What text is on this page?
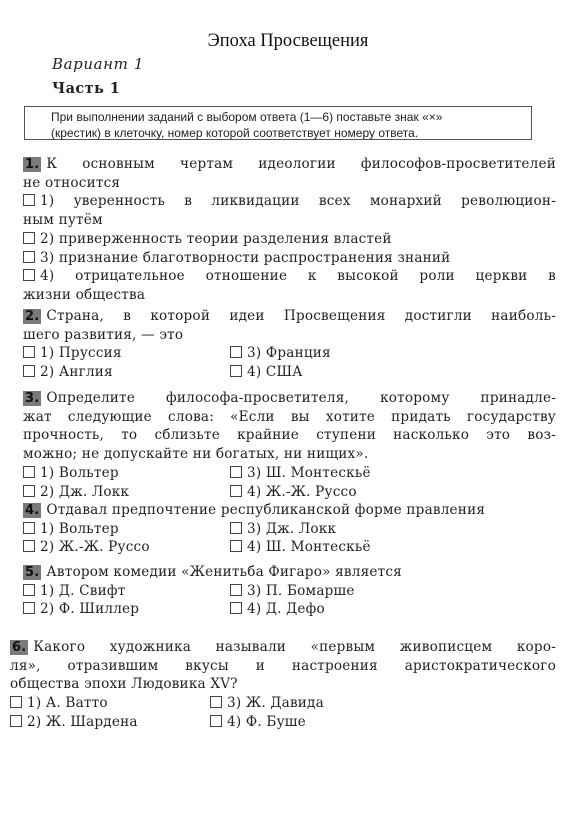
Эпоха Просвещения
Вариант 1
Часть 1
При выполнении заданий с выбором ответа (1—6) поставьте знак «×»
(крестик) в клеточку, номер которой соответствует номеру ответа.
1. К основным чертам идеологии философов-просветителей
не относится
1) уверенность в ликвидации всех монархий революцион-
ным путём
2) приверженность теории разделения властей
3) признание благотворности распространения знаний
4) отрицательное отношение к высокой роли церкви в
жизни общества
2. Страна, в которой идеи Просвещения достигли наиболь-
шего развития, — это
1) Пруссия	3) Франция
2) Англия	4) США
3. Определите философа-просветителя, которому принадле-
жат следующие слова: «Если вы хотите придать государству
прочность, то сблизьте крайние ступени насколько это воз-
можно; не допускайте ни богатых, ни нищих».
1) Вольтер	3) Ш. Монтескьё
2) Дж. Локк	4) Ж.-Ж. Руссо
4. Отдавал предпочтение республиканской форме правления
1) Вольтер	3) Дж. Локк
2) Ж.-Ж. Руссо	4) Ш. Монтескьё
5. Автором комедии «Женитьба Фигаро» является
1) Д. Свифт	3) П. Бомарше
2) Ф. Шиллер	4) Д. Дефо
6. Какого художника называли «первым живописцем коро-
ля», отразившим вкусы и настроения аристократического
общества эпохи Людовика XV?
1) А. Ватто	3) Ж. Давида
2) Ж. Шардена	4) Ф. Буше
